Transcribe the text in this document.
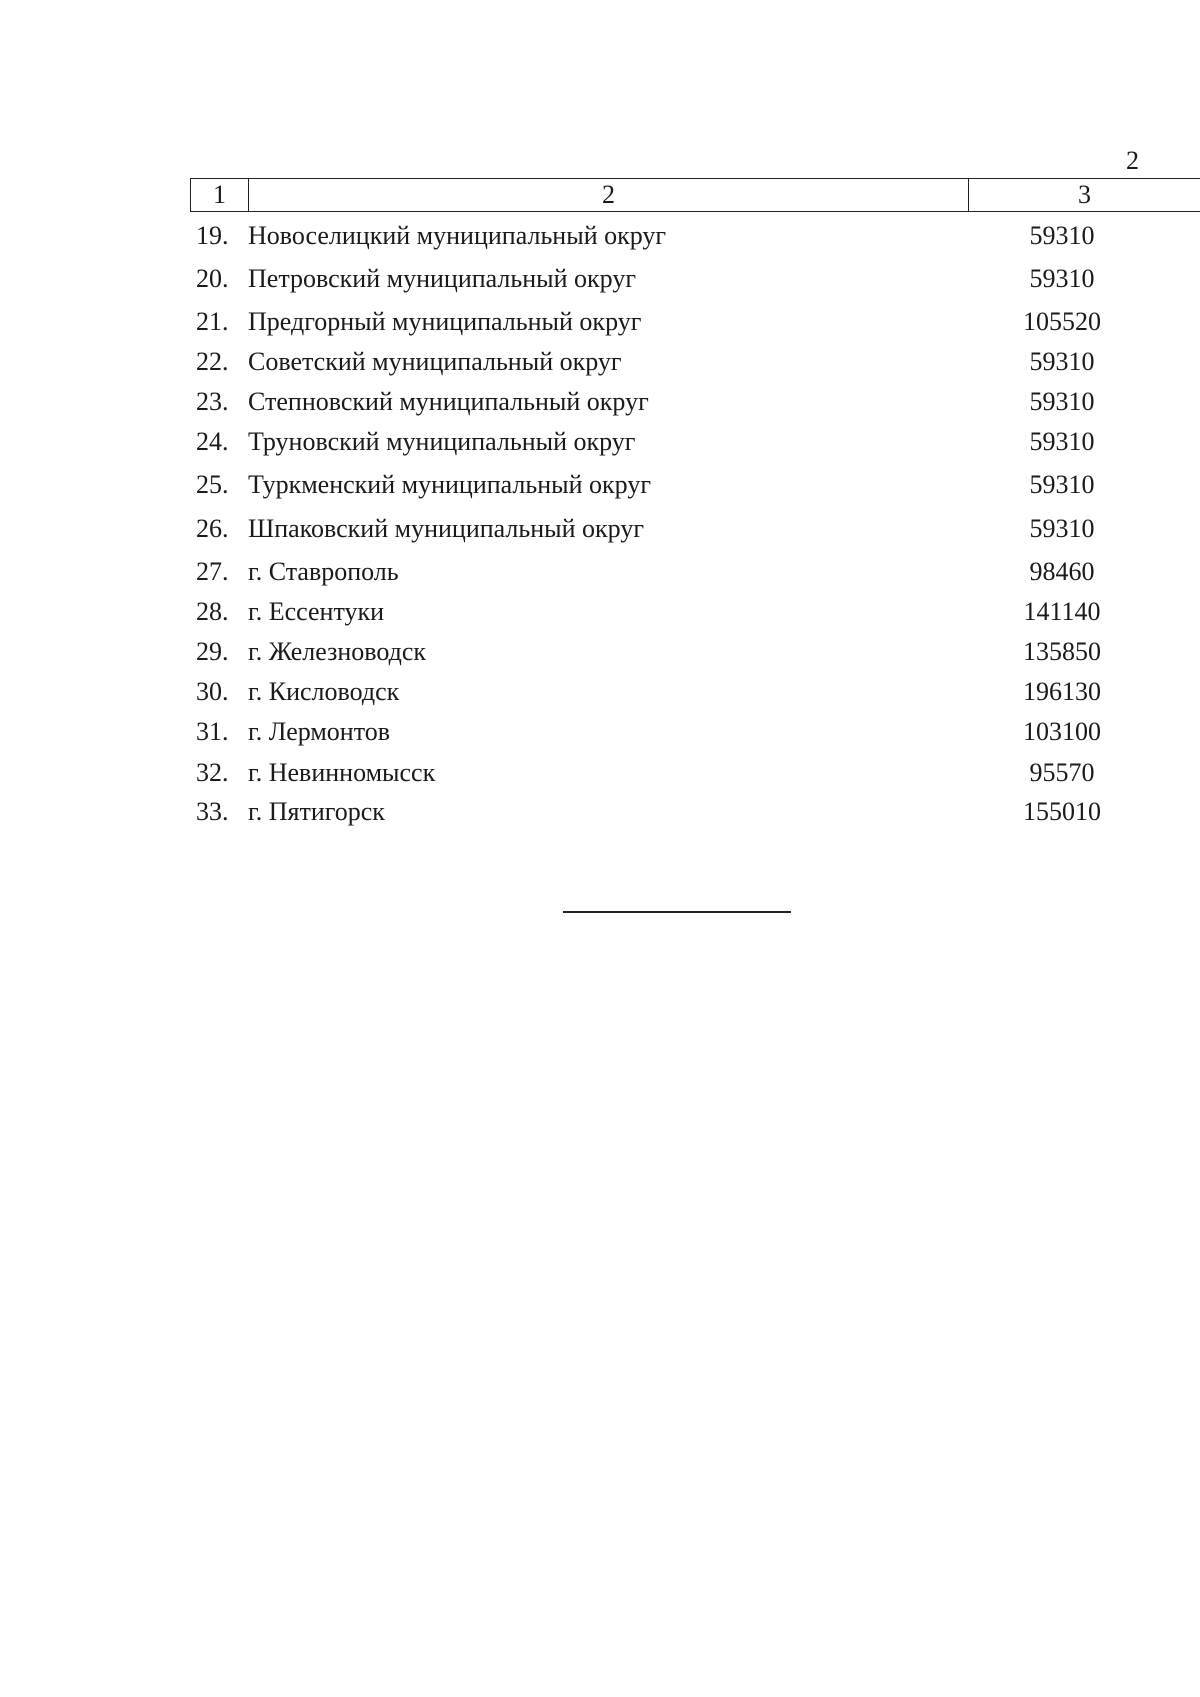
2
1	2	3
19. Новоселицкий муниципальный округ	59310
20. Петровский муниципальный округ	59310
21. Предгорный муниципальный округ	105520
22. Советский муниципальный округ	59310
23. Степновский муниципальный округ	59310
24. Труновский муниципальный округ	59310
25. Туркменский муниципальный округ	59310
26. Шпаковский муниципальный округ	59310
27. г. Ставрополь	98460
28. г. Ессентуки	141140
29. г. Железноводск	135850
30. г. Кисловодск	196130
31. г. Лермонтов	103100
32. г. Невинномысск	95570
33. г. Пятигорск	155010
